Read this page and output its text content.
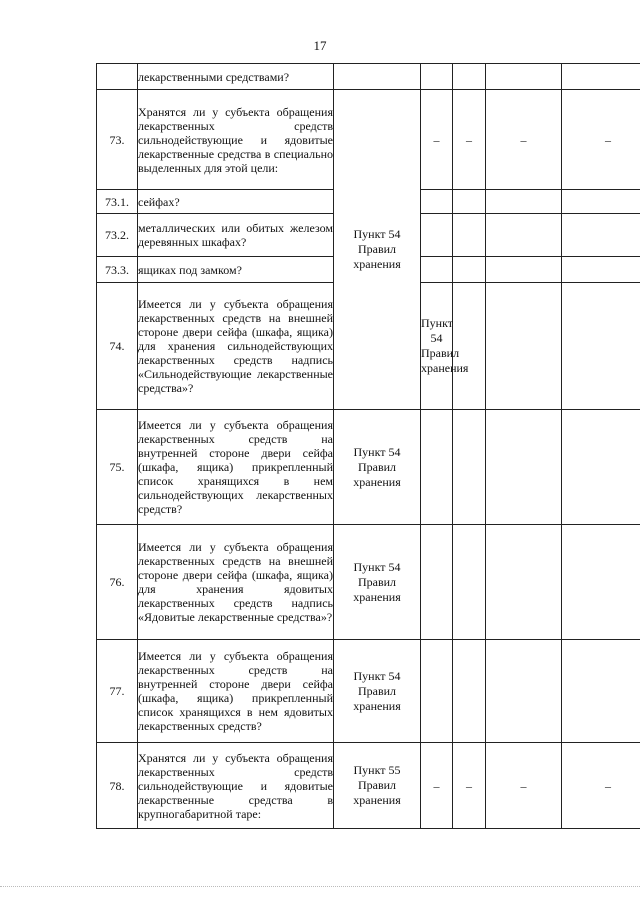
17
	лекарственными средствами?						
73.	Хранятся ли у субъекта обращения лекарственных средств сильнодействующие и ядовитые лекарственные средства в специально выделенных для этой цели:	Пункт 54 Правил хранения	–	–	–	–	
73.1.	сейфах?						
73.2.	металлических или обитых железом деревянных шкафах?						
73.3.	ящиках под замком?						
74.	Имеется ли у субъекта обращения лекарственных средств на внешней стороне двери сейфа (шкафа, ящика) для хранения сильнодействующих лекарственных средств надпись «Сильнодействующие лекарственные средства»?		Пункт 54 Правил хранения				
75.	Имеется ли у субъекта обращения лекарственных средств на внутренней стороне двери сейфа (шкафа, ящика) прикрепленный список хранящихся в нем сильнодействующих лекарственных средств?	Пункт 54 Правил хранения					
76.	Имеется ли у субъекта обращения лекарственных средств на внешней стороне двери сейфа (шкафа, ящика) для хранения ядовитых лекарственных средств надпись «Ядовитые лекарственные средства»?	Пункт 54 Правил хранения					
77.	Имеется ли у субъекта обращения лекарственных средств на внутренней стороне двери сейфа (шкафа, ящика) прикрепленный список хранящихся в нем ядовитых лекарственных средств?	Пункт 54 Правил хранения					
78.	Хранятся ли у субъекта обращения лекарственных средств сильнодействующие и ядовитые лекарственные средства в крупногабаритной таре:	Пункт 55 Правил хранения	–	–	–	–	
